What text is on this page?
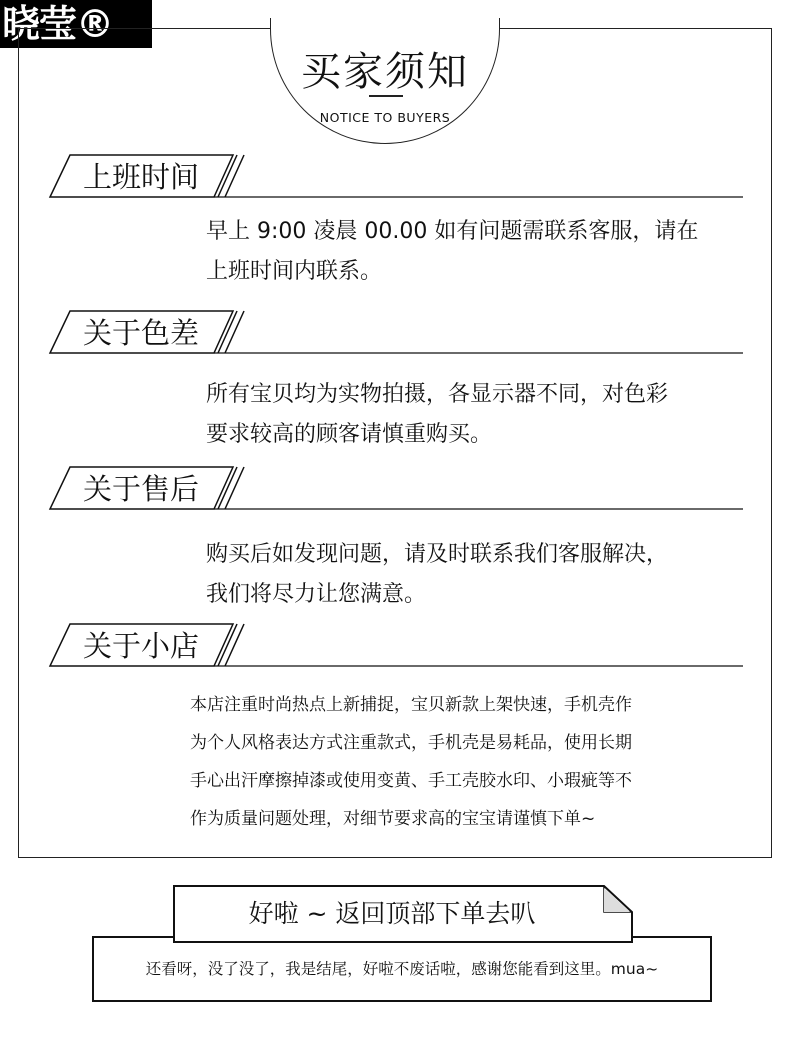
晓莹®
买家须知
NOTICE TO BUYERS
上班时间
早上 9:00 凌晨 00.00 如有问题需联系客服，请在
上班时间内联系。
关于色差
所有宝贝均为实物拍摄，各显示器不同，对色彩
要求较高的顾客请慎重购买。
关于售后
购买后如发现问题，请及时联系我们客服解决，
我们将尽力让您满意。
关于小店
本店注重时尚热点上新捕捉，宝贝新款上架快速，手机壳作
为个人风格表达方式注重款式，手机壳是易耗品，使用长期
手心出汗摩擦掉漆或使用变黄、手工壳胶水印、小瑕疵等不
作为质量问题处理，对细节要求高的宝宝请谨慎下单~
还看呀，没了没了，我是结尾，好啦不废话啦，感谢您能看到这里。mua~
好啦 ~ 返回顶部下单去叭
